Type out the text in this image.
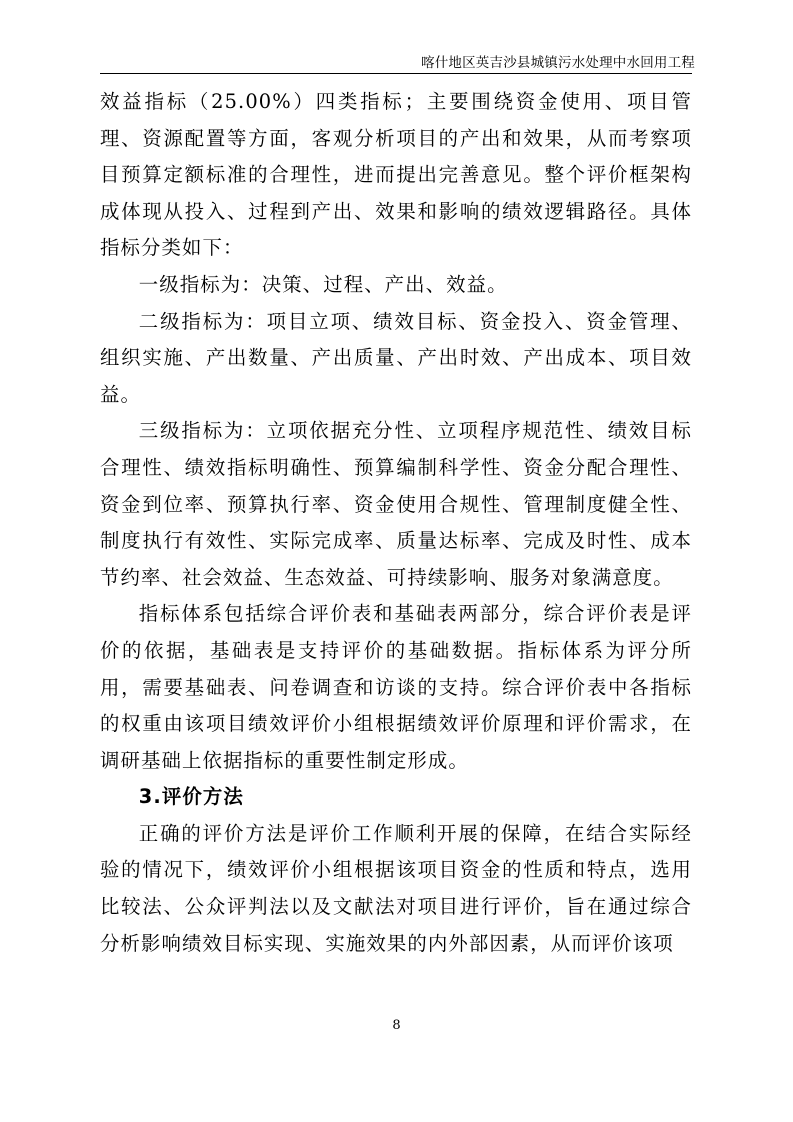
喀什地区英吉沙县城镇污水处理中水回用工程

效益指标（25.00%）四类指标；主要围绕资金使用、项目管理、资源配置等方面，客观分析项目的产出和效果，从而考察项目预算定额标准的合理性，进而提出完善意见。整个评价框架构成体现从投入、过程到产出、效果和影响的绩效逻辑路径。具体指标分类如下：

一级指标为：决策、过程、产出、效益。

二级指标为：项目立项、绩效目标、资金投入、资金管理、组织实施、产出数量、产出质量、产出时效、产出成本、项目效益。

三级指标为：立项依据充分性、立项程序规范性、绩效目标合理性、绩效指标明确性、预算编制科学性、资金分配合理性、资金到位率、预算执行率、资金使用合规性、管理制度健全性、制度执行有效性、实际完成率、质量达标率、完成及时性、成本节约率、社会效益、生态效益、可持续影响、服务对象满意度。

指标体系包括综合评价表和基础表两部分，综合评价表是评价的依据，基础表是支持评价的基础数据。指标体系为评分所用，需要基础表、问卷调查和访谈的支持。综合评价表中各指标的权重由该项目绩效评价小组根据绩效评价原理和评价需求，在调研基础上依据指标的重要性制定形成。

3.评价方法

正确的评价方法是评价工作顺利开展的保障，在结合实际经验的情况下，绩效评价小组根据该项目资金的性质和特点，选用比较法、公众评判法以及文献法对项目进行评价，旨在通过综合分析影响绩效目标实现、实施效果的内外部因素，从而评价该项

8
